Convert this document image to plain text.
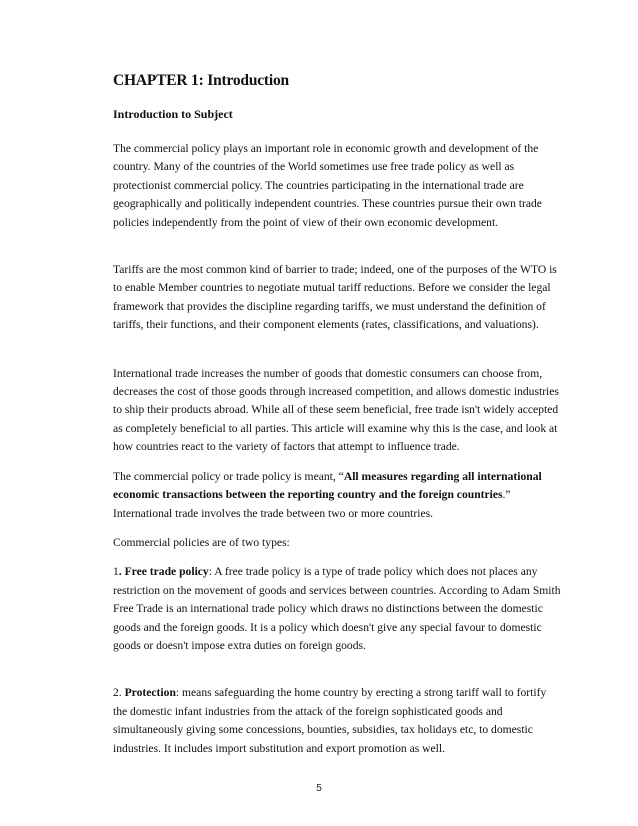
CHAPTER 1: Introduction
Introduction to Subject

The commercial policy plays an important role in economic growth and development of the country. Many of the countries of the World sometimes use free trade policy as well as protectionist commercial policy. The countries participating in the international trade are geographically and politically independent countries. These countries pursue their own trade policies independently from the point of view of their own economic development.

Tariffs are the most common kind of barrier to trade; indeed, one of the purposes of the WTO is to enable Member countries to negotiate mutual tariff reductions. Before we consider the legal framework that provides the discipline regarding tariffs, we must understand the definition of tariffs, their functions, and their component elements (rates, classifications, and valuations).

International trade increases the number of goods that domestic consumers can choose from, decreases the cost of those goods through increased competition, and allows domestic industries to ship their products abroad. While all of these seem beneficial, free trade isn't widely accepted as completely beneficial to all parties. This article will examine why this is the case, and look at how countries react to the variety of factors that attempt to influence trade.

The commercial policy or trade policy is meant, “All measures regarding all international economic transactions between the reporting country and the foreign countries.” International trade involves the trade between two or more countries.

Commercial policies are of two types:

1. Free trade policy: A free trade policy is a type of trade policy which does not places any restriction on the movement of goods and services between countries. According to Adam Smith Free Trade is an international trade policy which draws no distinctions between the domestic goods and the foreign goods. It is a policy which doesn't give any special favour to domestic goods or doesn't impose extra duties on foreign goods.

2. Protection: means safeguarding the home country by erecting a strong tariff wall to fortify the domestic infant industries from the attack of the foreign sophisticated goods and simultaneously giving some concessions, bounties, subsidies, tax holidays etc, to domestic industries. It includes import substitution and export promotion as well.

5
